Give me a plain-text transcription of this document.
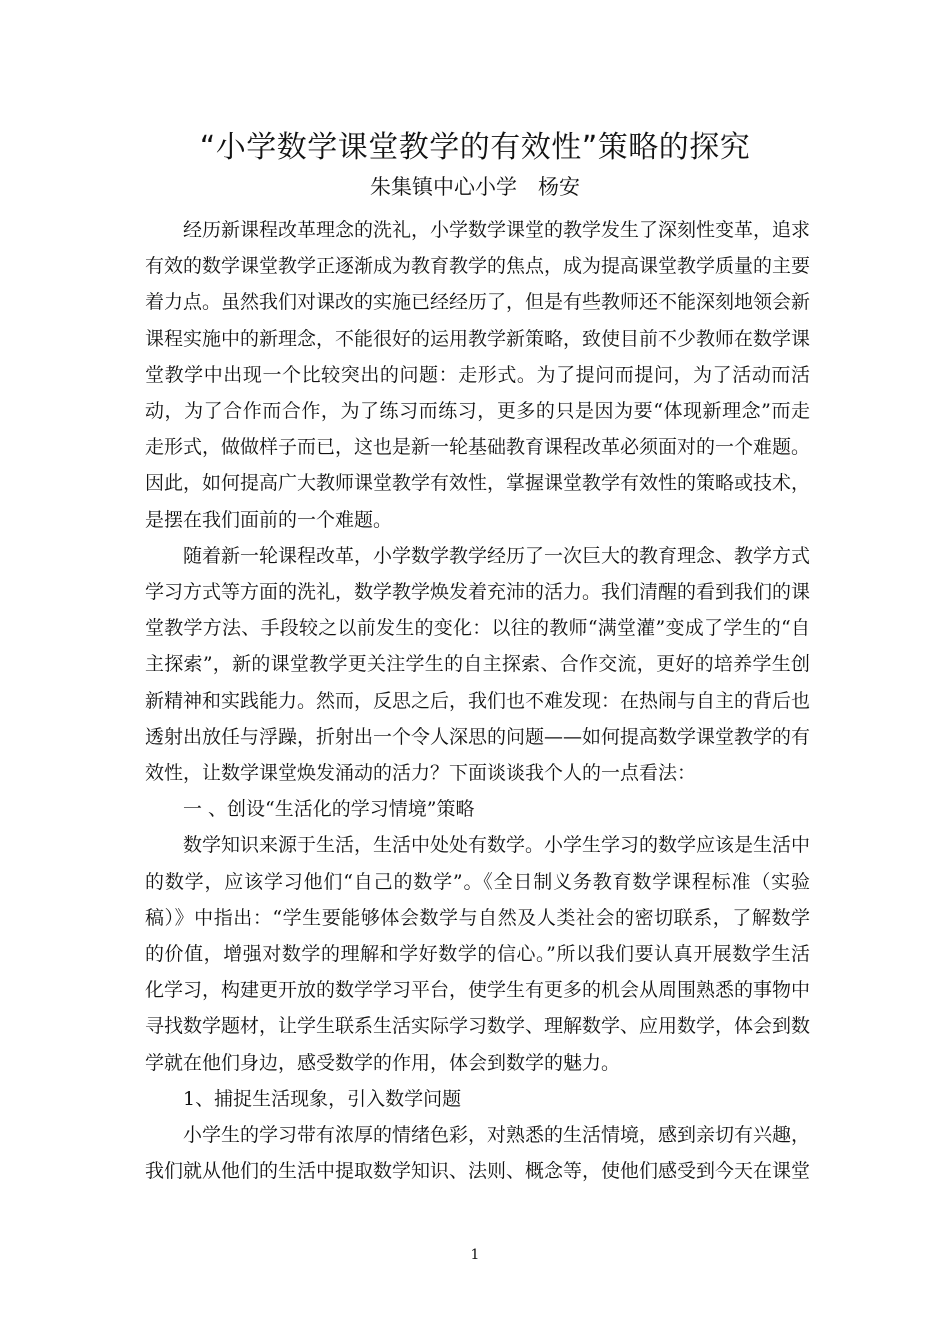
“小学数学课堂教学的有效性”策略的探究
朱集镇中心小学　杨安

经历新课程改革理念的洗礼，小学数学课堂的教学发生了深刻性变革，追求有效的数学课堂教学正逐渐成为教育教学的焦点，成为提高课堂教学质量的主要着力点。虽然我们对课改的实施已经经历了，但是有些教师还不能深刻地领会新课程实施中的新理念，不能很好的运用教学新策略，致使目前不少教师在数学课堂教学中出现一个比较突出的问题：走形式。为了提问而提问，为了活动而活动，为了合作而合作，为了练习而练习，更多的只是因为要“体现新理念”而走走形式，做做样子而已，这也是新一轮基础教育课程改革必须面对的一个难题。因此，如何提高广大教师课堂教学有效性，掌握课堂教学有效性的策略或技术，是摆在我们面前的一个难题。

随着新一轮课程改革，小学数学教学经历了一次巨大的教育理念、教学方式学习方式等方面的洗礼，数学教学焕发着充沛的活力。我们清醒的看到我们的课堂教学方法、手段较之以前发生的变化：以往的教师“满堂灌”变成了学生的“自主探索”，新的课堂教学更关注学生的自主探索、合作交流，更好的培养学生创新精神和实践能力。然而，反思之后，我们也不难发现：在热闹与自主的背后也透射出放任与浮躁，折射出一个令人深思的问题——如何提高数学课堂教学的有效性，让数学课堂焕发涌动的活力？下面谈谈我个人的一点看法：

一 、创设“生活化的学习情境”策略

数学知识来源于生活，生活中处处有数学。小学生学习的数学应该是生活中的数学，应该学习他们“自己的数学”。《全日制义务教育数学课程标准（实验稿）》中指出：“学生要能够体会数学与自然及人类社会的密切联系，了解数学的价值，增强对数学的理解和学好数学的信心。”所以我们要认真开展数学生活化学习，构建更开放的数学学习平台，使学生有更多的机会从周围熟悉的事物中寻找数学题材，让学生联系生活实际学习数学、理解数学、应用数学，体会到数学就在他们身边，感受数学的作用，体会到数学的魅力。

1、捕捉生活现象，引入数学问题

小学生的学习带有浓厚的情绪色彩，对熟悉的生活情境，感到亲切有兴趣，我们就从他们的生活中提取数学知识、法则、概念等，使他们感受到今天在课堂

1
